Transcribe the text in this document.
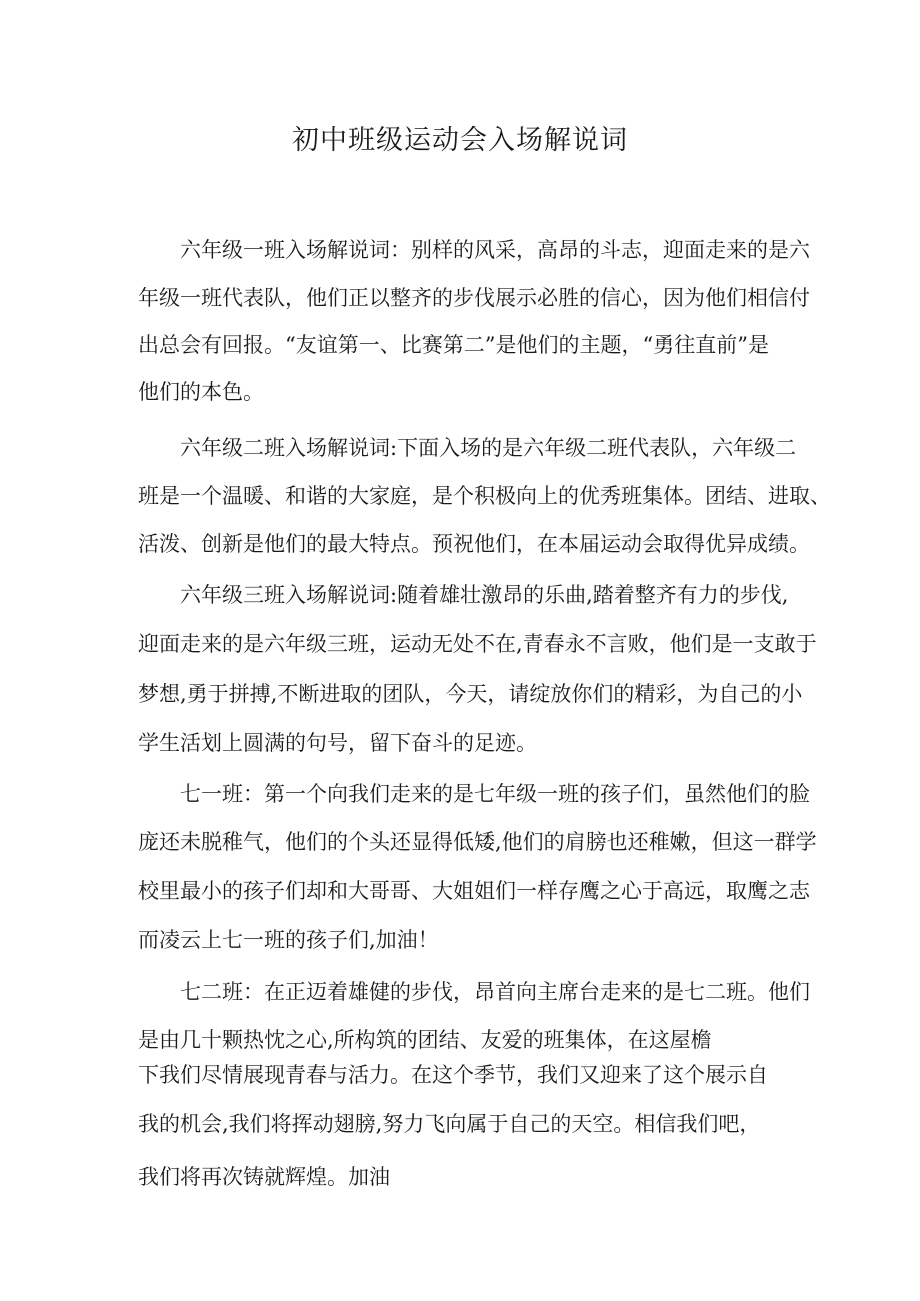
初中班级运动会入场解说词

六年级一班入场解说词：别样的风采，高昂的斗志，迎面走来的是六

年级一班代表队，他们正以整齐的步伐展示必胜的信心，因为他们相信付

出总会有回报。“友谊第一、比赛第二”是他们的主题，“勇往直前”是

他们的本色。

六年级二班入场解说词:下面入场的是六年级二班代表队，六年级二

班是一个温暖、和谐的大家庭，是个积极向上的优秀班集体。团结、进取、

活泼、创新是他们的最大特点。预祝他们，在本届运动会取得优异成绩。

六年级三班入场解说词:随着雄壮激昂的乐曲,踏着整齐有力的步伐,

迎面走来的是六年级三班，运动无处不在,青春永不言败，他们是一支敢于

梦想,勇于拼搏,不断进取的团队，今天，请绽放你们的精彩，为自己的小

学生活划上圆满的句号，留下奋斗的足迹。

七一班：第一个向我们走来的是七年级一班的孩子们，虽然他们的脸

庞还未脱稚气，他们的个头还显得低矮,他们的肩膀也还稚嫩，但这一群学

校里最小的孩子们却和大哥哥、大姐姐们一样存鹰之心于高远，取鹰之志

而凌云上七一班的孩子们,加油！

七二班：在正迈着雄健的步伐，昂首向主席台走来的是七二班。他们

是由几十颗热忱之心,所构筑的团结、友爱的班集体，在这屋檐

下我们尽情展现青春与活力。在这个季节，我们又迎来了这个展示自

我的机会,我们将挥动翅膀,努力飞向属于自己的天空。相信我们吧，

我们将再次铸就辉煌。加油
